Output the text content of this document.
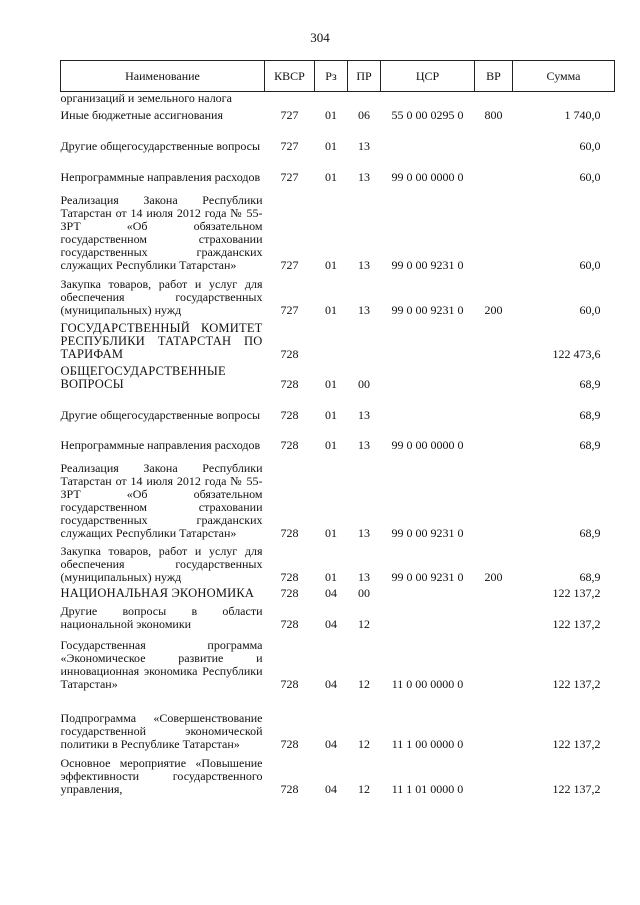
304
Наименование	КВСР	Рз	ПР	ЦСР	ВР	Сумма
организаций и земельного налога						
Иные бюджетные ассигнования	727	01	06	55 0 00 0295 0	800	1 740,0
Другие общегосударственные вопросы	727	01	13			60,0
Непрограммные направления расходов	727	01	13	99 0 00 0000 0		60,0
Реализация Закона Республики Татарстан от 14 июля 2012 года № 55-ЗРТ «Об обязательном государственном страховании государственных гражданских служащих Республики Татарстан»	727	01	13	99 0 00 9231 0		60,0
Закупка товаров, работ и услуг для обеспечения государственных (муниципальных) нужд	727	01	13	99 0 00 9231 0	200	60,0
ГОСУДАРСТВЕННЫЙ КОМИТЕТ РЕСПУБЛИКИ ТАТАРСТАН ПО ТАРИФАМ	728					122 473,6
ОБЩЕГОСУДАРСТВЕННЫЕ ВОПРОСЫ	728	01	00			68,9
Другие общегосударственные вопросы	728	01	13			68,9
Непрограммные направления расходов	728	01	13	99 0 00 0000 0		68,9
Реализация Закона Республики Татарстан от 14 июля 2012 года № 55-ЗРТ «Об обязательном государственном страховании государственных гражданских служащих Республики Татарстан»	728	01	13	99 0 00 9231 0		68,9
Закупка товаров, работ и услуг для обеспечения государственных (муниципальных) нужд	728	01	13	99 0 00 9231 0	200	68,9
НАЦИОНАЛЬНАЯ ЭКОНОМИКА	728	04	00			122 137,2
Другие вопросы в области национальной экономики	728	04	12			122 137,2
Государственная программа «Экономическое развитие и инновационная экономика Республики Татарстан»	728	04	12	11 0 00 0000 0		122 137,2
Подпрограмма «Совершенствование государственной экономической политики в Республике Татарстан»	728	04	12	11 1 00 0000 0		122 137,2
Основное мероприятие «Повышение эффективности государственного управления,	728	04	12	11 1 01 0000 0		122 137,2
